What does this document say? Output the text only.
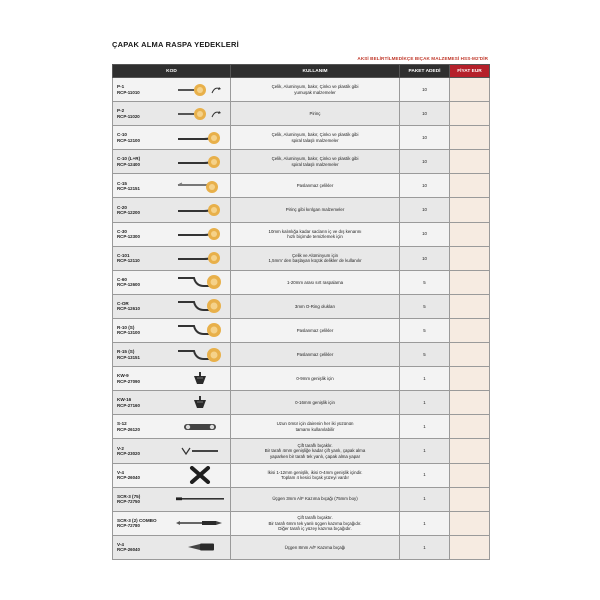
ÇAPAK ALMA RASPA YEDEKLERİ
AKSİ BELİRTİLMEDİKÇE BIÇAK MALZEMESİ HSS-M2'DİR
KOD		KULLANIM	PAKET ADEDİ	FİYAT EUR

P-1
RCP-11010		Çelik, Aluminyum, bakır, Çinko ve plastik gibi
yumuşak malzemeler	10	

P-2
RCP-11020		Pirinç	10	

C-10
RCP-12100		Çelik, Aluminyum, bakır, Çinko ve plastik gibi
spiral talaşlı malzemeler	10	

C-10 (L+R)
RCP-12400		Çelik, Aluminyum, bakır, Çinko ve plastik gibi
spiral talaşlı malzemeler	10	

C-15
RCP-12151		Paslanmaz çelikler	10	

C-20
RCP-12200		Pirinç gibi kırılgan malzemeler	10	

C-30
RCP-12300		10mm kalınlığa kadar sacların iç ve dış kenarını
hızlı biçimde temizlemek için	10	

C-101
RCP-12110		Çelik ve Alüminyum için
1,5mm' den başlayan küçük delikler de kullanılır	10	

C-60
RCP-12600		1-20mm arası sırt raspalama	5	

C-OR
RCP-12610		3mm O-Ring olukları	5	

R-10 (S)
RCP-13100		Paslanmaz çelikler	5	

R-15 (S)
RCP-13151		Paslanmaz çelikler	5	

KW-9
RCP-27090		0-9mm genişlik için	1	

KW-16
RCP-27160		0-16mm genişlik için	1	

S-12
RCP-26120		Uzun ömür için dairenin her iki yüzünün
tamamı kullanılabilir	1	

V-2
RCP-23020		Çift taraflı bıçaklır.
Bir tarafı 4mm genişliğe kadar çift yanlı, çapak alma
yaparken bir tarafı tek yanlı, çapak alma yapar	1	

V-4
RCP-26040		İkisi 1-12mm genişlik, ikisi 0-4mm genişlik içindir.
Toplam 4 kesici bıçak yüzeyi vardır	1	

SCR-3 (75)
RCP-72750		Üçgen 3mm A/F Kazıma bıçağı (75mm boy)	1	

SCR-3 (2) COMBO
RCP-72780		Çift taraflı bıçaktır.
Bir tarafı 6mm tek yanlı üçgen kazıma bıçağıdır.
Diğer tarafı iç yüzey kazıma bıçağıdır.	1	

V-4
RCP-26040		Üçgen 8mm A/F Kazıma bıçağı	1	
